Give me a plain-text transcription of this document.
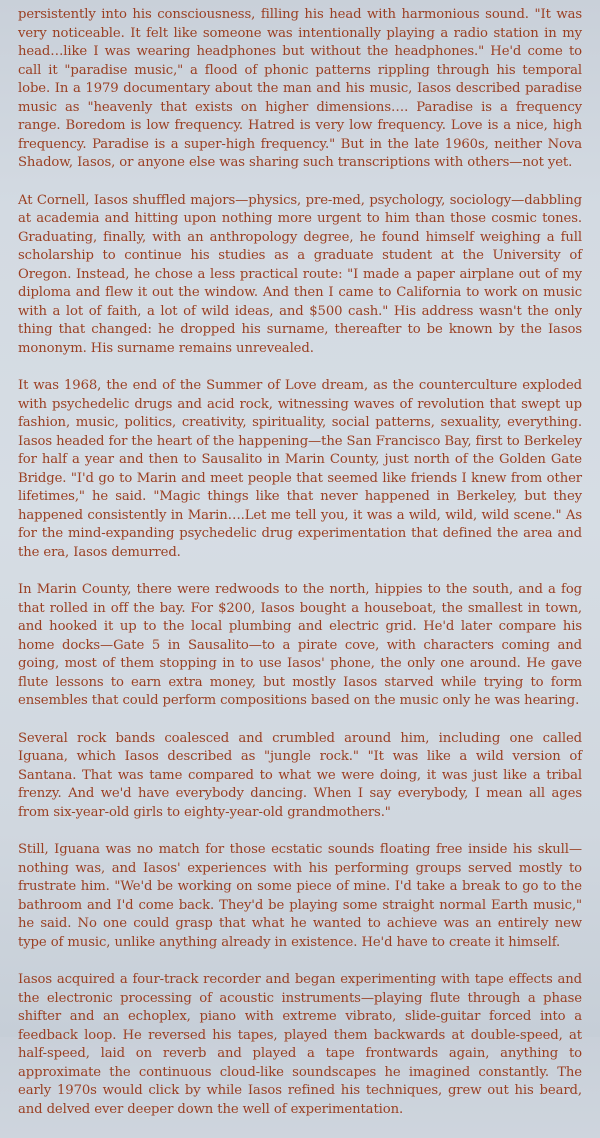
persistently into his consciousness, filling his head with harmonious sound. "It was very noticeable. It felt like someone was intentionally playing a radio station in my head…like I was wearing headphones but without the headphones." He'd come to call it "paradise music," a flood of phonic patterns rippling through his temporal lobe. In a 1979 documentary about the man and his music, Iasos described paradise music as "heavenly that exists on higher dimensions…. Paradise is a frequency range. Boredom is low frequency. Hatred is very low frequency. Love is a nice, high frequency. Paradise is a super-high frequency." But in the late 1960s, neither Nova Shadow, Iasos, or anyone else was sharing such transcriptions with others—not yet.

At Cornell, Iasos shuffled majors—physics, pre-med, psychology, sociology—dabbling at academia and hitting upon nothing more urgent to him than those cosmic tones. Graduating, finally, with an anthropology degree, he found himself weighing a full scholarship to continue his studies as a graduate student at the University of Oregon. Instead, he chose a less practical route: "I made a paper airplane out of my diploma and flew it out the window. And then I came to California to work on music with a lot of faith, a lot of wild ideas, and $500 cash." His address wasn't the only thing that changed: he dropped his surname, thereafter to be known by the Iasos mononym. His surname remains unrevealed.

It was 1968, the end of the Summer of Love dream, as the counterculture exploded with psychedelic drugs and acid rock, witnessing waves of revolution that swept up fashion, music, politics, creativity, spirituality, social patterns, sexuality, everything. Iasos headed for the heart of the happening—the San Francisco Bay, first to Berkeley for half a year and then to Sausalito in Marin County, just north of the Golden Gate Bridge. "I'd go to Marin and meet people that seemed like friends I knew from other lifetimes," he said. "Magic things like that never happened in Berkeley, but they happened consistently in Marin….Let me tell you, it was a wild, wild, wild scene." As for the mind-expanding psychedelic drug experimentation that defined the area and the era, Iasos demurred.

In Marin County, there were redwoods to the north, hippies to the south, and a fog that rolled in off the bay. For $200, Iasos bought a houseboat, the smallest in town, and hooked it up to the local plumbing and electric grid. He'd later compare his home docks—Gate 5 in Sausalito—to a pirate cove, with characters coming and going, most of them stopping in to use Iasos' phone, the only one around. He gave flute lessons to earn extra money, but mostly Iasos starved while trying to form ensembles that could perform compositions based on the music only he was hearing.

Several rock bands coalesced and crumbled around him, including one called Iguana, which Iasos described as "jungle rock." "It was like a wild version of Santana. That was tame compared to what we were doing, it was just like a tribal frenzy. And we'd have everybody dancing. When I say everybody, I mean all ages from six-year-old girls to eighty-year-old grandmothers."

Still, Iguana was no match for those ecstatic sounds floating free inside his skull—nothing was, and Iasos' experiences with his performing groups served mostly to frustrate him. "We'd be working on some piece of mine. I'd take a break to go to the bathroom and I'd come back. They'd be playing some straight normal Earth music," he said. No one could grasp that what he wanted to achieve was an entirely new type of music, unlike anything already in existence. He'd have to create it himself.

Iasos acquired a four-track recorder and began experimenting with tape effects and the electronic processing of acoustic instruments—playing flute through a phase shifter and an echoplex, piano with extreme vibrato, slide-guitar forced into a feedback loop. He reversed his tapes, played them backwards at double-speed, at half-speed, laid on reverb and played a tape frontwards again, anything to approximate the continuous cloud-like soundscapes he imagined constantly. The early 1970s would click by while Iasos refined his techniques, grew out his beard, and delved ever deeper down the well of experimentation.
